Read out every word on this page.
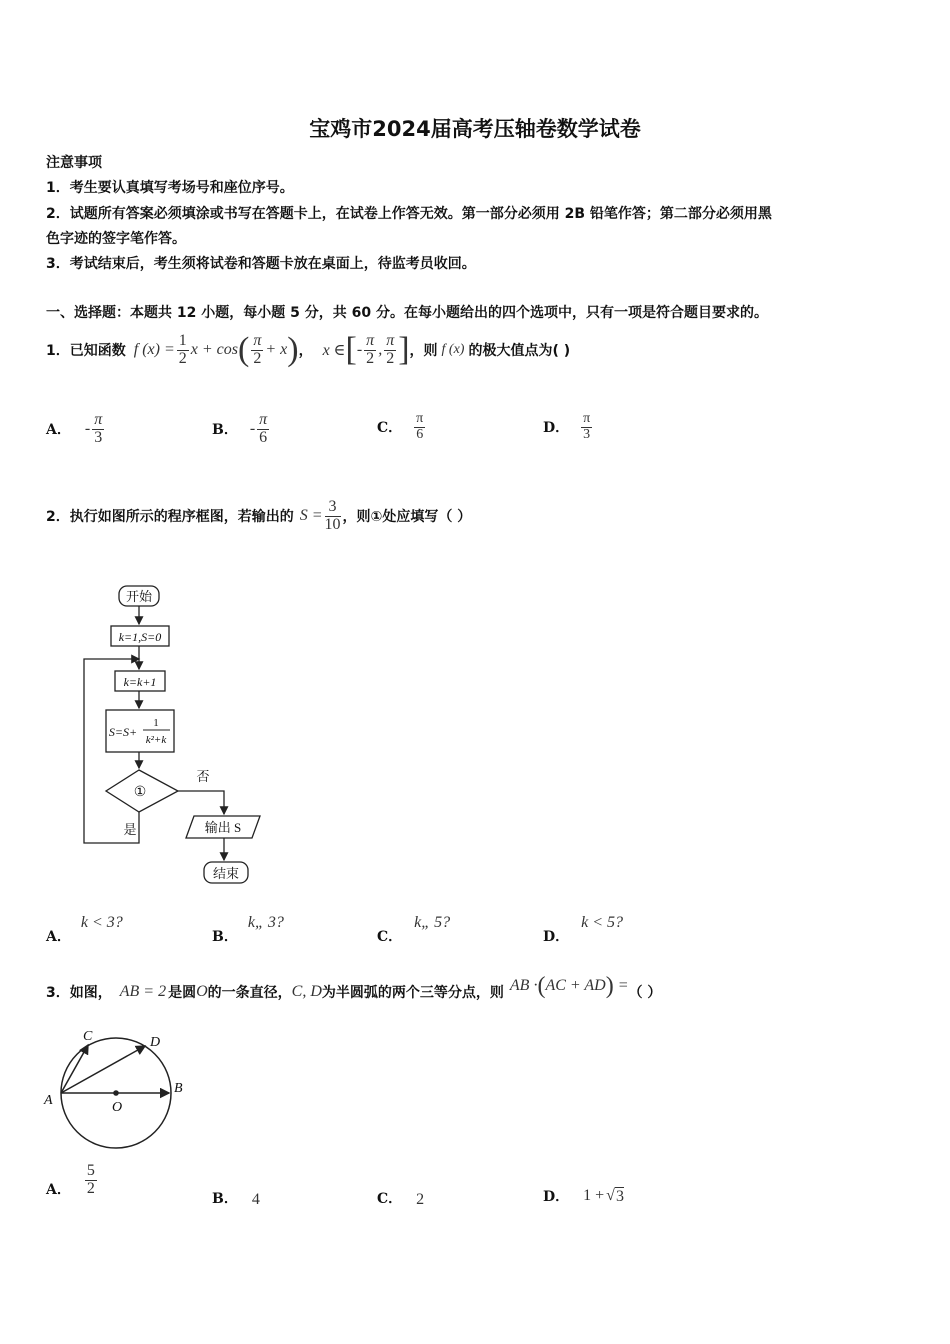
宝鸡市2024届高考压轴卷数学试卷
注意事项
1．考生要认真填写考场号和座位序号。
2．试题所有答案必须填涂或书写在答题卡上，在试卷上作答无效。第一部分必须用 2B 铅笔作答；第二部分必须用黑
色字迹的签字笔作答。
3．考试结束后，考生须将试卷和答题卡放在桌面上，待监考员收回。
一、选择题：本题共 12 小题，每小题 5 分，共 60 分。在每小题给出的四个选项中，只有一项是符合题目要求的。
1．已知函数 f $(x) = \frac{1}{2}$ x + cos ( $\frac{\pi}{2} + x$ ) ， x ∈ [ - $\frac{\pi}{2}$ , $\frac{\pi}{2}$ ] ，则 f (x) 的极大值点为( )
A． - $\frac{\pi}{3}$	B． - $\frac{\pi}{6}$	C． $\frac{\pi}{6}$	D． $\frac{\pi}{3}$
2．执行如图所示的程序框图，若输出的 $S = \frac{3}{10}$ ，则①处应填写（ ）
开始
k=1,S=0
k=k+1
S=S+
1
k²+k
①
否
是	输出 S
结束
A．
k < 3?
B．
k„ 3?
C．
k„ 5?
D．
k < 5?
3．如图， AB = 2 是圆 O 的一条直径， C, D 为半圆弧的两个三等分点，则 AB · ( AC + AD ) = （ ）
A
B
C	D
O
A． $\frac{5}{2}$
B． 4	C． 2	D． 1 + √ 3
